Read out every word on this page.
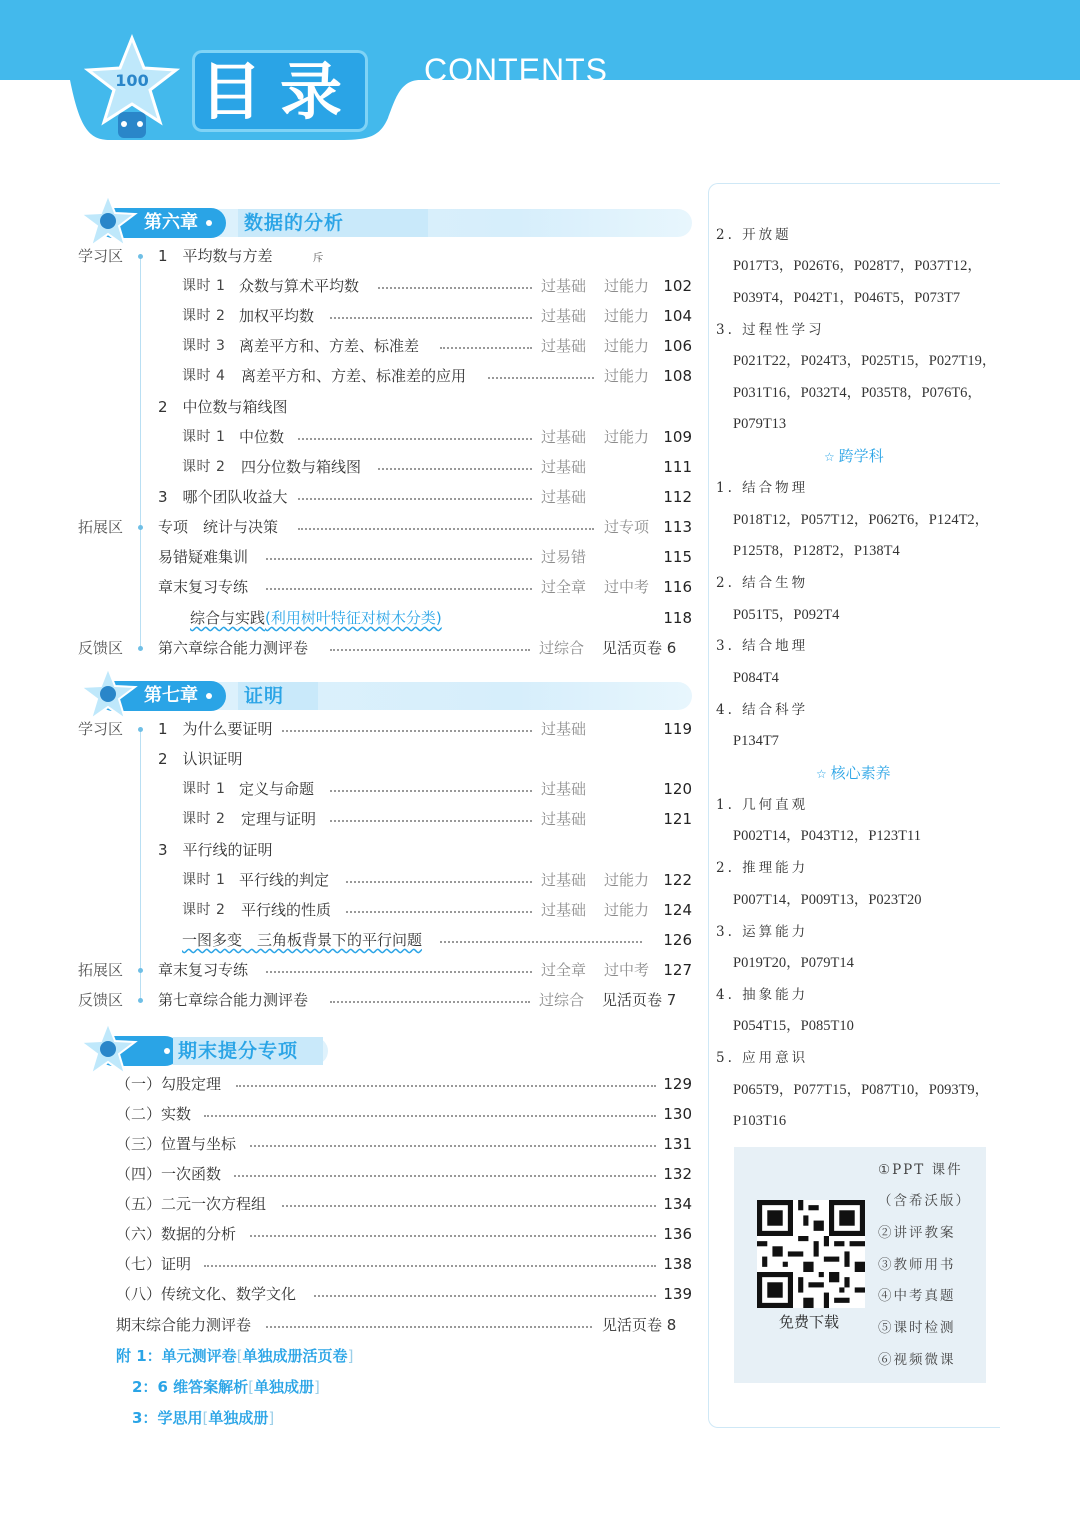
100 目录	CONTENTS
第六章	数据的分析
学习区 1　平均数与方差	斥
课时 1 众数与算术平均数	过基础 过能力 102
课时 2 加权平均数	过基础 过能力 104
课时 3 离差平方和、方差、标准差	过基础 过能力 106
课时 4 离差平方和、方差、标准差的应用	过能力 108
2　中位数与箱线图
课时 1 中位数	过基础 过能力 109
课时 2 四分位数与箱线图	过基础	111
3　哪个团队收益大	过基础	112
拓展区 专项　统计与决策	过专项 113
易错疑难集训	过易错	115
章末复习专练	过全章 过中考 116
综合与实践(利用树叶特征对树木分类)	118
反馈区 第六章综合能力测评卷	过综合 见活页卷 6
第七章	证明
学习区 1　为什么要证明	过基础	119
2　认识证明
课时 1 定义与命题	过基础	120
课时 2 定理与证明	过基础	121
3　平行线的证明
课时 1 平行线的判定	过基础 过能力 122
课时 2 平行线的性质	过基础 过能力 124
一图多变　三角板背景下的平行问题	126
拓展区 章末复习专练	过全章 过中考 127
反馈区 第七章综合能力测评卷	过综合 见活页卷 7
期末提分专项
（一）勾股定理	129
（二）实数	130
（三）位置与坐标	131
（四）一次函数	132
（五）二元一次方程组	134
（六）数据的分析	136
（七）证明	138
（八）传统文化、数学文化	139
期末综合能力测评卷	见活页卷 8
附 1：单元测评卷[单独成册活页卷]
2：6 维答案解析[单独成册]
3：学思用[单独成册]
2. 开放题
P017T3，P026T6，P028T7，P037T12，
P039T4，P042T1，P046T5，P073T7
3. 过程性学习
P021T22，P024T3，P025T15，P027T19，
P031T16，P032T4，P035T8，P076T6，
P079T13
☆ 跨学科
1. 结合物理
P018T12，P057T12，P062T6，P124T2，
P125T8，P128T2，P138T4
2. 结合生物
P051T5，P092T4
3. 结合地理
P084T4
4. 结合科学
P134T7
☆ 核心素养
1. 几何直观
P002T14，P043T12，P123T11
2. 推理能力
P007T14，P009T13，P023T20
3. 运算能力
P019T20，P079T14
4. 抽象能力
P054T15，P085T10
5. 应用意识
P065T9，P077T15，P087T10，P093T9，
P103T16
免费下载
①PPT 课件
（含希沃版）
②讲评教案
③教师用书
④中考真题
⑤课时检测
⑥视频微课
